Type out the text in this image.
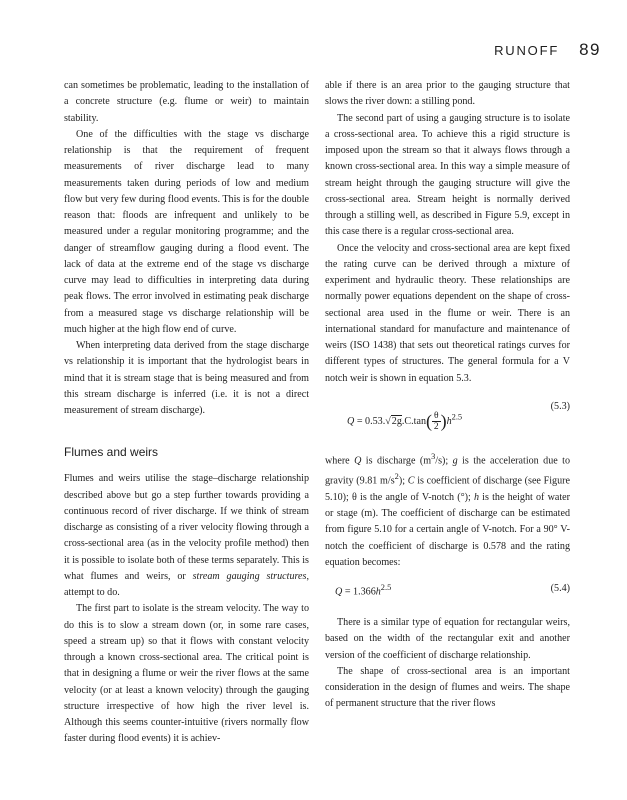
RUNOFF 89

can sometimes be problematic, leading to the installation of a concrete structure (e.g. flume or weir) to maintain stability.

One of the difficulties with the stage vs discharge relationship is that the requirement of frequent measurements of river discharge lead to many measurements taken during periods of low and medium flow but very few during flood events. This is for the double reason that: floods are infrequent and unlikely to be measured under a regular monitoring programme; and the danger of streamflow gauging during a flood event. The lack of data at the extreme end of the stage vs discharge curve may lead to difficulties in interpreting data during peak flows. The error involved in estimating peak discharge from a measured stage vs discharge relationship will be much higher at the high flow end of curve.

When interpreting data derived from the stage discharge vs relationship it is important that the hydrologist bears in mind that it is stream stage that is being measured and from this stream discharge is inferred (i.e. it is not a direct measurement of stream discharge).

Flumes and weirs

Flumes and weirs utilise the stage–discharge relationship described above but go a step further towards providing a continuous record of river discharge. If we think of stream discharge as consisting of a river velocity flowing through a cross-sectional area (as in the velocity profile method) then it is possible to isolate both of these terms separately. This is what flumes and weirs, or stream gauging structures, attempt to do.

The first part to isolate is the stream velocity. The way to do this is to slow a stream down (or, in some rare cases, speed a stream up) so that it flows with constant velocity through a known cross-sectional area. The critical point is that in designing a flume or weir the river flows at the same velocity (or at least a known velocity) through the gauging structure irrespective of how high the river level is. Although this seems counter-intuitive (rivers normally flow faster during flood events) it is achiev-

able if there is an area prior to the gauging structure that slows the river down: a stilling pond.

The second part of using a gauging structure is to isolate a cross-sectional area. To achieve this a rigid structure is imposed upon the stream so that it always flows through a known cross-sectional area. In this way a simple measure of stream height through the gauging structure will give the cross-sectional area. Stream height is normally derived through a stilling well, as described in Figure 5.9, except in this case there is a regular cross-sectional area.

Once the velocity and cross-sectional area are kept fixed the rating curve can be derived through a mixture of experiment and hydraulic theory. These relationships are normally power equations dependent on the shape of cross-sectional area used in the flume or weir. There is an international standard for manufacture and maintenance of weirs (ISO 1438) that sets out theoretical ratings curves for different types of structures. The general formula for a V notch weir is shown in equation 5.3.

$Q = 0.53.√2g.C.\tan( \frac{\theta}{2} )h^{2.5}$
(5.3)

where Q is discharge $(m^3/s)$; g is the acceleration due to gravity (9.81 $m/s^2$); C is coefficient of discharge (see Figure 5.10); θ is the angle of V-notch (°); h is the height of water or stage (m). The coefficient of discharge can be estimated from figure 5.10 for a certain angle of V-notch. For a 90° V-notch the coefficient of discharge is 0.578 and the rating equation becomes:

$Q = 1.366h^{2.5}$	(5.4)

There is a similar type of equation for rectangular weirs, based on the width of the rectangular exit and another version of the coefficient of discharge relationship.

The shape of cross-sectional area is an important consideration in the design of flumes and weirs. The shape of permanent structure that the river flows
